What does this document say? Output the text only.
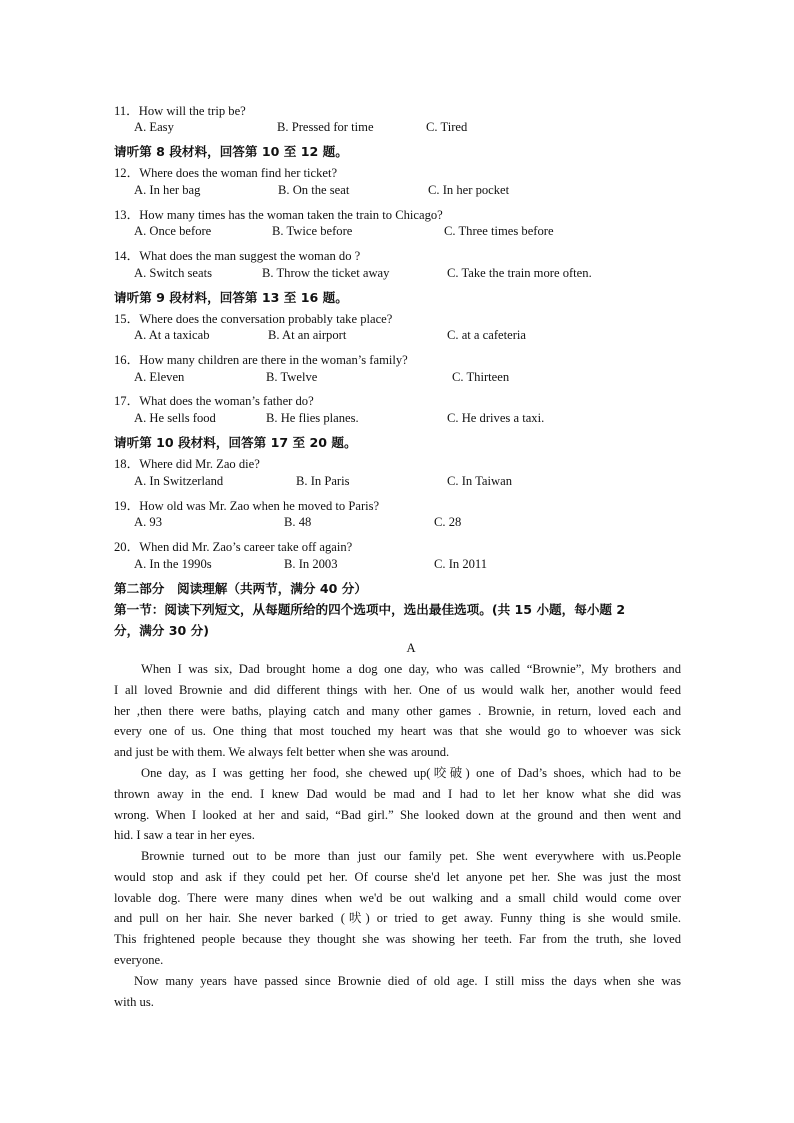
11．How will the trip be?
A. Easy	B. Pressed for time	C. Tired
请听第 8 段材料，回答第 10 至 12 题。
12．Where does the woman find her ticket?
A. In her bag	B. On the seat	C. In her pocket
13．How many times has the woman taken the train to Chicago?
A. Once before	B. Twice before	C. Three times before
14．What does the man suggest the woman do ?
A. Switch seats	B. Throw the ticket away	C. Take the train more often.
请听第 9 段材料，回答第 13 至 16 题。
15．Where does the conversation probably take place?
A. At a taxicab	B. At an airport	C. at a cafeteria
16．How many children are there in the woman’s family?
A. Eleven	B. Twelve	C. Thirteen
17．What does the woman’s father do?
A. He sells food	B. He flies planes.	C. He drives a taxi.
请听第 10 段材料，回答第 17 至 20 题。
18．Where did Mr. Zao die?
A. In Switzerland	B. In Paris	C. In Taiwan
19．How old was Mr. Zao when he moved to Paris?
A. 93	B. 48	C. 28
20．When did Mr. Zao’s career take off again?
A. In the 1990s	B. In 2003	C. In 2011
第二部分　阅读理解（共两节，满分 40 分）
第一节：阅读下列短文，从每题所给的四个选项中，选出最佳选项。(共 15 小题，每小题 2
分，满分 30 分)
A
When I was six, Dad brought home a dog one day, who was called “Brownie”, My brothers and
I all loved Brownie and did different things with her. One of us would walk her, another would feed
her ,then there were baths, playing catch and many other games . Brownie, in return, loved each and
every one of us. One thing that most touched my heart was that she would go to whoever was sick
and just be with them. We always felt better when she was around.
One day, as I was getting her food, she chewed up(咬破) one of Dad’s shoes, which had to be
thrown away in the end. I knew Dad would be mad and I had to let her know what she did was
wrong. When I looked at her and said, “Bad girl.” She looked down at the ground and then went and
hid. I saw a tear in her eyes.
Brownie turned out to be more than just our family pet. She went everywhere with us.People
would stop and ask if they could pet her. Of course she'd let anyone pet her. She was just the most
lovable dog. There were many dines when we'd be out walking and a small child would come over
and pull on her hair. She never barked (吠) or tried to get away. Funny thing is she would smile.
This frightened people because they thought she was showing her teeth. Far from the truth, she loved
everyone.
Now many years have passed since Brownie died of old age. I still miss the days when she was
with us.
